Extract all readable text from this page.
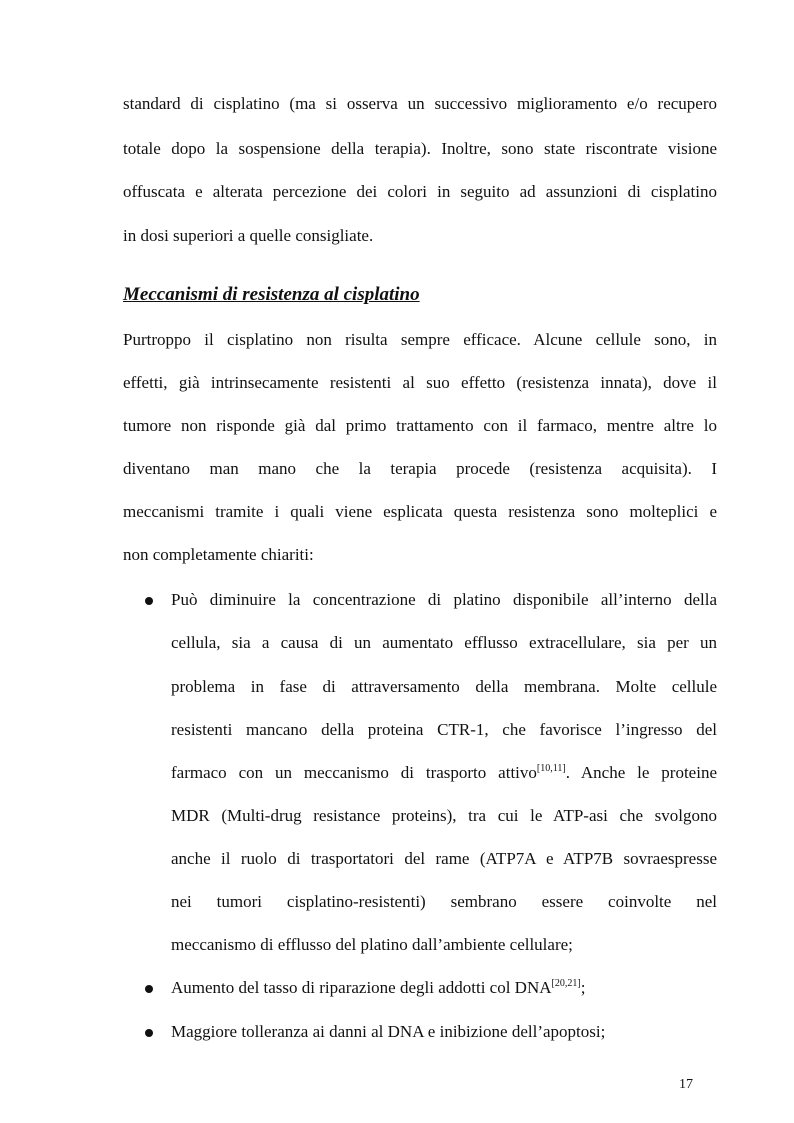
standard di cisplatino (ma si osserva un successivo miglioramento e/o recupero
totale dopo la sospensione della terapia). Inoltre, sono state riscontrate visione
offuscata e alterata percezione dei colori in seguito ad assunzioni di cisplatino
in dosi superiori a quelle consigliate.
Meccanismi di resistenza al cisplatino
Purtroppo il cisplatino non risulta sempre efficace. Alcune cellule sono, in
effetti, già intrinsecamente resistenti al suo effetto (resistenza innata), dove il
tumore non risponde già dal primo trattamento con il farmaco, mentre altre lo
diventano man mano che la terapia procede (resistenza acquisita). I
meccanismi tramite i quali viene esplicata questa resistenza sono molteplici e
non completamente chiariti:
Può diminuire la concentrazione di platino disponibile all’interno della
cellula, sia a causa di un aumentato efflusso extracellulare, sia per un
problema in fase di attraversamento della membrana. Molte cellule
resistenti mancano della proteina CTR-1, che favorisce l’ingresso del
farmaco con un meccanismo di trasporto attivo[10,11]. Anche le proteine
MDR (Multi-drug resistance proteins), tra cui le ATP-asi che svolgono
anche il ruolo di trasportatori del rame (ATP7A e ATP7B sovraespresse
nei tumori cisplatino-resistenti) sembrano essere coinvolte nel
meccanismo di efflusso del platino dall’ambiente cellulare;
Aumento del tasso di riparazione degli addotti col DNA[20,21];
Maggiore tolleranza ai danni al DNA e inibizione dell’apoptosi;
17
